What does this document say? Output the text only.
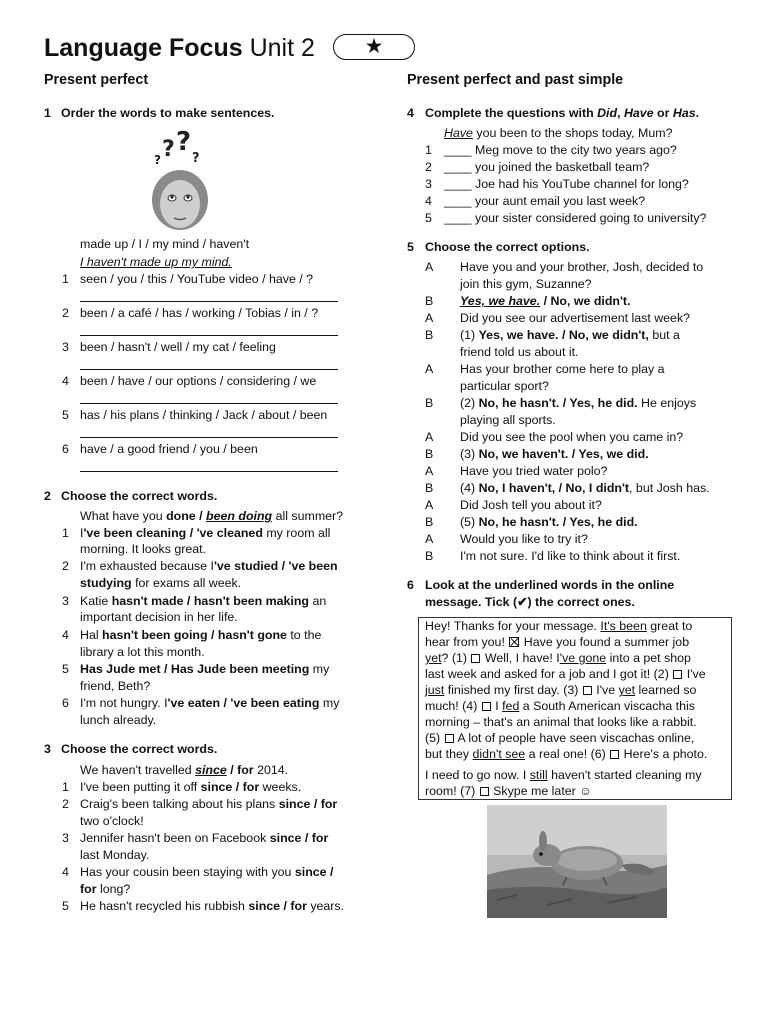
Language Focus Unit 2	★
Present perfect	Present perfect and past simple
1 Order the words to make sentences.
? ?
? ?
made up / I / my mind / haven't
I haven't made up my mind.
1 seen / you / this / YouTube video / have / ?
2 been / a café / has / working / Tobias / in / ?
3 been / hasn't / well / my cat / feeling
4 been / have / our options / considering / we
5 has / his plans / thinking / Jack / about / been
6 have / a good friend / you / been
2 Choose the correct words.
What have you done / been doing all summer?
1 I've been cleaning / 've cleaned my room all
morning. It looks great.
2 I'm exhausted because I've studied / 've been
studying for exams all week.
3 Katie hasn't made / hasn't been making an
important decision in her life.
4 Hal hasn't been going / hasn't gone to the
library a lot this month.
5 Has Jude met / Has Jude been meeting my
friend, Beth?
6 I'm not hungry. I've eaten / 've been eating my
lunch already.
3 Choose the correct words.
We haven't travelled since / for 2014.
1 I've been putting it off since / for weeks.
2 Craig's been talking about his plans since / for
two o'clock!
3 Jennifer hasn't been on Facebook since / for
last Monday.
4 Has your cousin been staying with you since /
for long?
5 He hasn't recycled his rubbish since / for years.
4 Complete the questions with Did, Have or Has.
Have you been to the shops today, Mum?
1 ____ Meg move to the city two years ago?
2 ____ you joined the basketball team?
3 ____ Joe had his YouTube channel for long?
4 ____ your aunt email you last week?
5 ____ your sister considered going to university?
5 Choose the correct options.
A Have you and your brother, Josh, decided to
join this gym, Suzanne?
B Yes, we have. / No, we didn't.
A Did you see our advertisement last week?
B (1) Yes, we have. / No, we didn't, but a
friend told us about it.
A Has your brother come here to play a
particular sport?
B (2) No, he hasn't. / Yes, he did. He enjoys
playing all sports.
A Did you see the pool when you came in?
B (3) No, we haven't. / Yes, we did.
A Have you tried water polo?
B (4) No, I haven't, / No, I didn't, but Josh has.
A Did Josh tell you about it?
B (5) No, he hasn't. / Yes, he did.
A Would you like to try it?
B I'm not sure. I'd like to think about it first.
6 Look at the underlined words in the online
message. Tick (✔) the correct ones.
Hey! Thanks for your message. It's been great to
hear from you!  Have you found a summer job
yet? (1)  Well, I have! I've gone into a pet shop
last week and asked for a job and I got it! (2)  I've
just finished my first day. (3)  I've yet learned so
much! (4)  I fed a South American viscacha this
morning – that's an animal that looks like a rabbit.
(5)  A lot of people have seen viscachas online,
but they didn't see a real one! (6)  Here's a photo.
I need to go now. I still haven't started cleaning my
room! (7)  Skype me later ☺
